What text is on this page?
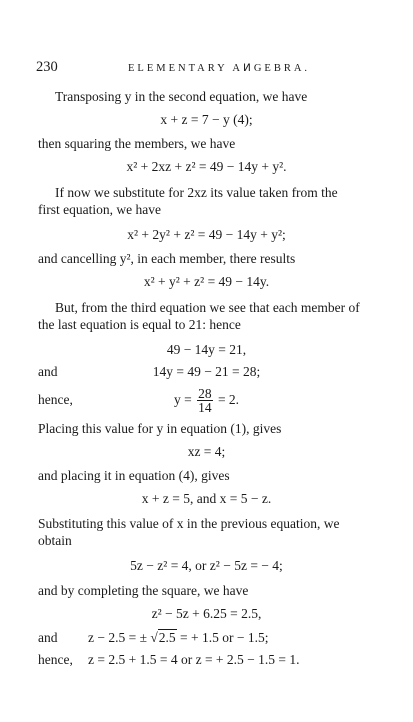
230	ELEMENTARY AⵍGEBRA.
Transposing y in the second equation, we have
x + z = 7 − y (4);
then squaring the members, we have
x² + 2xz + z² = 49 − 14y + y².
If now we substitute for 2xz its value taken from the
first equation, we have
x² + 2y² + z² = 49 − 14y + y²;
and cancelling y², in each member, there results
x² + y² + z² = 49 − 14y.
But, from the third equation we see that each member of
the last equation is equal to 21: hence
49 − 14y = 21,
and	14y = 49 − 21 = 28;
hence,	$y = \frac{28}{14} = 2$.
Placing this value for y in equation (1), gives
xz = 4;
and placing it in equation (4), gives
x + z = 5, and x = 5 − z.
Substituting this value of x in the previous equation, we
obtain
5z − z² = 4, or z² − 5z = − 4;
and by completing the square, we have
z² − 5z + 6.25 = 2.5,
and z − 2.5 = ± √2.5 = + 1.5 or − 1.5;
hence, z = 2.5 + 1.5 = 4 or z = + 2.5 − 1.5 = 1.
